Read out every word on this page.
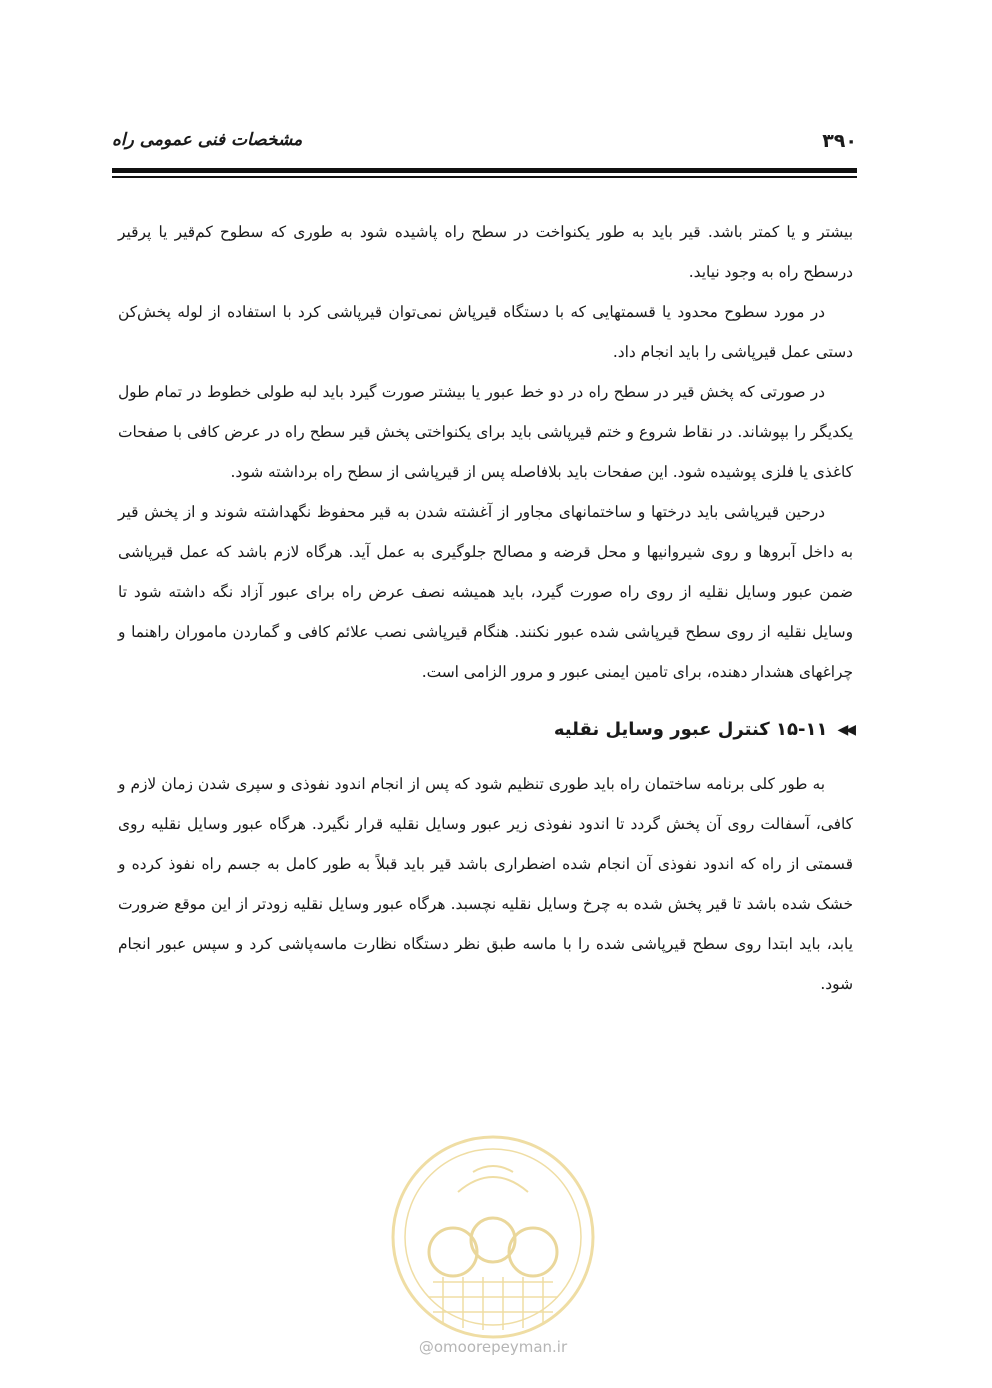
۳۹۰
مشخصات فنی عمومی راه

بیشتر و یا کمتر باشد. قیر باید به طور یکنواخت در سطح راه پاشیده شود به طوری که سطوح کم‌قیر یا پرقیر درسطح راه به وجود نیاید.

در مورد سطوح محدود یا قسمتهایی که با دستگاه قیرپاش نمی‌توان قیرپاشی کرد با استفاده از لوله پخش‌کن دستی عمل قیرپاشی را باید انجام داد.

در صورتی که پخش قیر در سطح راه در دو خط عبور یا بیشتر صورت گیرد باید لبه طولی خطوط در تمام طول یکدیگر را بپوشاند. در نقاط شروع و ختم قیرپاشی باید برای یکنواختی پخش قیر سطح راه در عرض کافی با صفحات کاغذی یا فلزی پوشیده شود. این صفحات باید بلافاصله پس از قیرپاشی از سطح راه برداشته شود.

درحین قیرپاشی باید درختها و ساختمانهای مجاور از آغشته شدن به قیر محفوظ نگهداشته شوند و از پخش قیر به داخل آبروها و روی شیروانیها و محل قرضه و مصالح جلوگیری به عمل آید. هرگاه لازم باشد که عمل قیرپاشی ضمن عبور وسایل نقلیه از روی راه صورت گیرد، باید همیشه نصف عرض راه برای عبور آزاد نگه داشته شود تا وسایل نقلیه از روی سطح قیرپاشی شده عبور نکنند. هنگام قیرپاشی نصب علائم کافی و گماردن ماموران راهنما و چراغهای هشدار دهنده، برای تامین ایمنی عبور و مرور الزامی است.

◀◀
۱۵-۱۱ کنترل عبور وسایل نقلیه

به طور کلی برنامه ساختمان راه باید طوری تنظیم شود که پس از انجام اندود نفوذی و سپری شدن زمان لازم و کافی، آسفالت روی آن پخش گردد تا اندود نفوذی زیر عبور وسایل نقلیه قرار نگیرد. هرگاه عبور وسایل نقلیه روی قسمتی از راه که اندود نفوذی آن انجام شده اضطراری باشد قیر باید قبلاً به طور کامل به جسم راه نفوذ کرده و خشک شده باشد تا قیر پخش شده به چرخ وسایل نقلیه نچسبد. هرگاه عبور وسایل نقلیه زودتر از این موقع ضرورت یابد، باید ابتدا روی سطح قیرپاشی شده را با ماسه طبق نظر دستگاه نظارت ماسه‌پاشی کرد و سپس عبور انجام شود.

@omoorepeyman.ir
